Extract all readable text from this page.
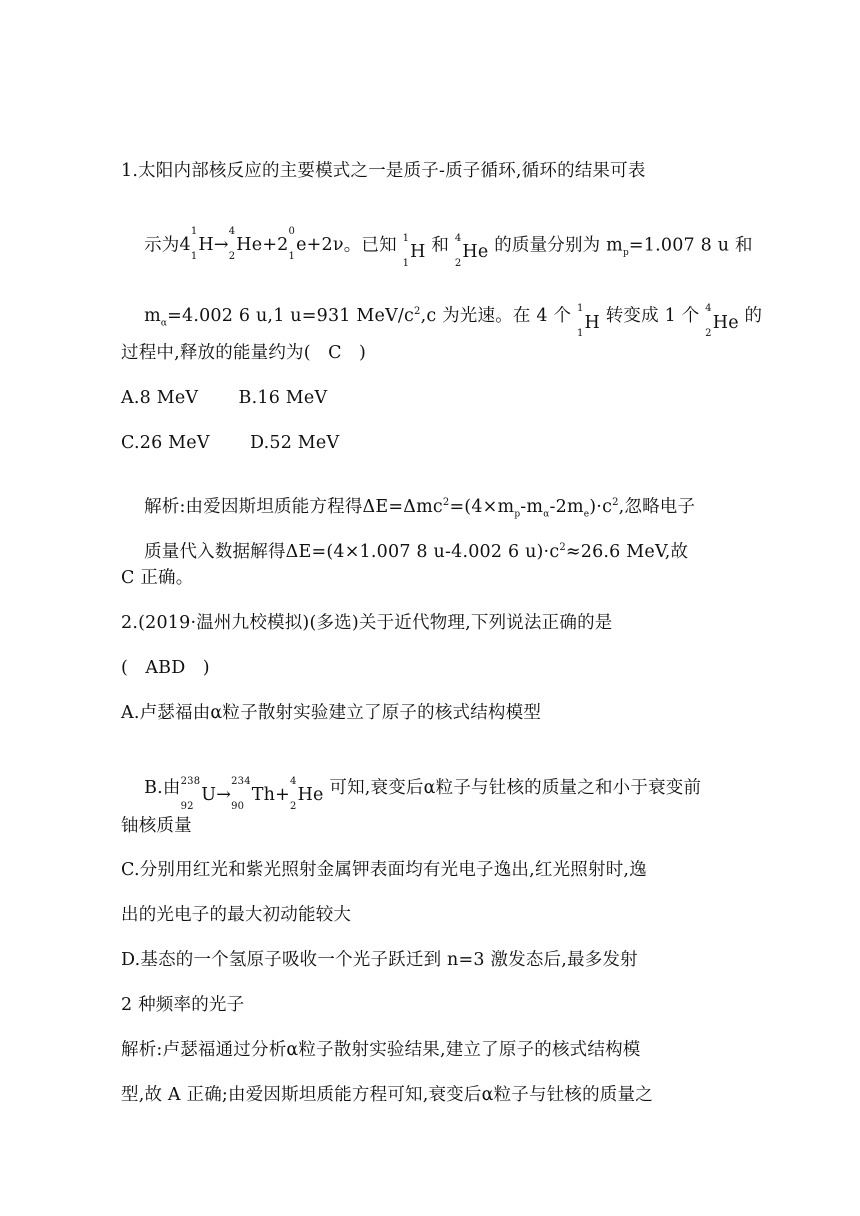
1.太阳内部核反应的主要模式之一是质子-质子循环,循环的结果可表

示为 4
1
1
H →
4
2
He +2
0
1
e +2ν 。已知 1
1
H 和 4
2
He 的质量分别为 $m_p=1.007$ 8 u 和

$m_\alpha=4.002$ 6 u,1 u=931 MeV/$c^2,c$ 为光速。在 4 个 1
1
H 转变成 1 个 4
2
He 的

过程中,释放的能量约为(   C   )
A.8 MeV       B.16 MeV
C.26 MeV       D.52 MeV

解析:由爱因斯坦质能方程得$\Delta E=\Delta mc^2=(4\times m_p-m_\alpha-2m_e)\cdot c^2$,忽略电子

质量代入数据解得ΔE=(4×1.007 8 u-4.002 6 $u)\cdot c^2\approx 26.6$ MeV,故

C 正确。
2.(2019·温州九校模拟)(多选)关于近代物理,下列说法正确的是
(   ABD   )
A.卢瑟福由α粒子散射实验建立了原子的核式结构模型

B.由 238
92
U →
234
90
Th +
4
2
He 可知,衰变后α粒子与钍核的质量之和小于衰变前

铀核质量
C.分别用红光和紫光照射金属钾表面均有光电子逸出,红光照射时,逸
出的光电子的最大初动能较大
D.基态的一个氢原子吸收一个光子跃迁到 n=3 激发态后,最多发射
2 种频率的光子
解析:卢瑟福通过分析α粒子散射实验结果,建立了原子的核式结构模
型,故 A 正确;由爱因斯坦质能方程可知,衰变后α粒子与钍核的质量之
